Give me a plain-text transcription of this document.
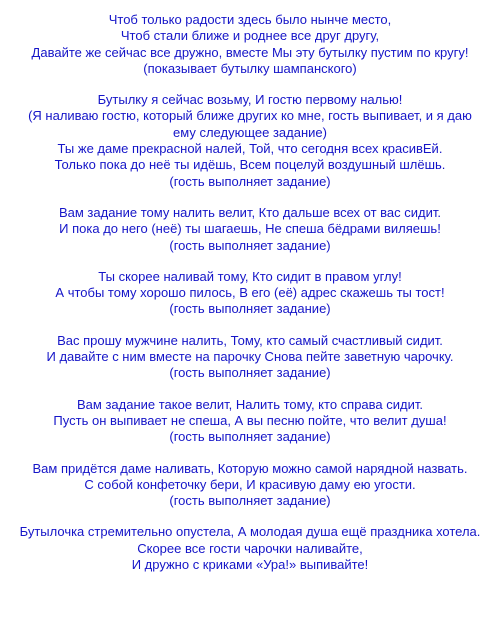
Чтоб только радости здесь было нынче место,
Чтоб стали ближе и роднее все друг другу,
Давайте же сейчас все дружно, вместе Мы эту бутылку пустим по кругу!
(показывает бутылку шампанского)
Бутылку я сейчас возьму, И гостю первому налью!
(Я наливаю гостю, который ближе других ко мне, гость выпивает, и я даю
ему следующее задание)
Ты же даме прекрасной налей, Той, что сегодня всех красивЕй.
Только пока до неё ты идёшь, Всем поцелуй воздушный шлёшь.
(гость выполняет задание)
Вам задание тому налить велит, Кто дальше всех от вас сидит.
И пока до него (неё) ты шагаешь, Не спеша бёдрами виляешь!
(гость выполняет задание)
Ты скорее наливай тому, Кто сидит в правом углу!
А чтобы тому хорошо пилось, В его (её) адрес скажешь ты тост!
(гость выполняет задание)
Вас прошу мужчине налить, Тому, кто самый счастливый сидит.
И давайте с ним вместе на парочку Снова пейте заветную чарочку.
(гость выполняет задание)
Вам задание такое велит, Налить тому, кто справа сидит.
Пусть он выпивает не спеша, А вы песню пойте, что велит душа!
(гость выполняет задание)
Вам придётся даме наливать, Которую можно самой нарядной назвать.
С собой конфеточку бери, И красивую даму ею угости.
(гость выполняет задание)
Бутылочка стремительно опустела, А молодая душа ещё праздника хотела.
Скорее все гости чарочки наливайте,
И дружно с криками «Ура!» выпивайте!
